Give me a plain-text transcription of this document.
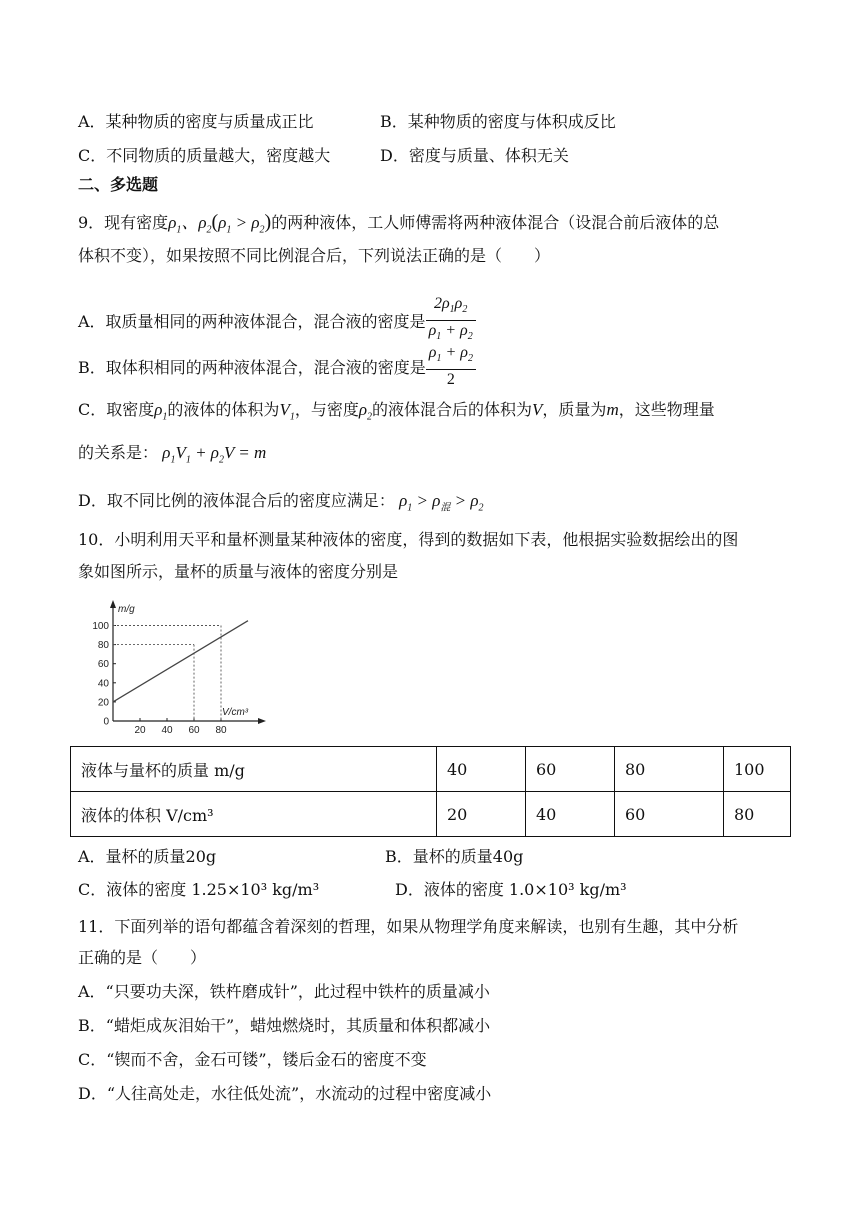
A．某种物质的密度与质量成正比	B．某种物质的密度与体积成反比
C．不同物质的质量越大，密度越大	D．密度与质量、体积无关
二、多选题
9．现有密度$\rho_1$、$\rho_2(\rho_1 > \rho_2)$的两种液体，工人师傅需将两种液体混合（设混合前后液体的总
体积不变），如果按照不同比例混合后，下列说法正确的是（　　）
A．取质量相同的两种液体混合，混合液的密度是 $\frac{2\rho_1\rho_2}{\rho_1 + \rho_2}$
B．取体积相同的两种液体混合，混合液的密度是 $\frac{\rho_1 + \rho_2}{2}$
C．取密度$\rho_1$的液体的体积为$V_1$，与密度$\rho_2$的液体混合后的体积为V，质量为m，这些物理量
的关系是： $\rho_1V_1 + \rho_2V = m$
D．取不同比例的液体混合后的密度应满足： $\rho_1 > \rho_混 > \rho_2$
10．小明利用天平和量杯测量某种液体的密度，得到的数据如下表，他根据实验数据绘出的图
象如图所示，量杯的质量与液体的密度分别是
m/g
V/cm³
0
20
40
60
80
100
20 40 60 80
液体与量杯的质量 m/g	40	60	80	100
液体的体积 V/cm³	20	40	60	80
A．量杯的质量20g	B．量杯的质量40g
C．液体的密度 1.25×10³ kg/m³	D．液体的密度 1.0×10³ kg/m³
11．下面列举的语句都蕴含着深刻的哲理，如果从物理学角度来解读，也别有生趣，其中分析
正确的是（　　）
A．“只要功夫深，铁杵磨成针”，此过程中铁杵的质量减小
B．“蜡炬成灰泪始干”，蜡烛燃烧时，其质量和体积都减小
C．“锲而不舍，金石可镂”，镂后金石的密度不变
D．“人往高处走，水往低处流”，水流动的过程中密度减小
